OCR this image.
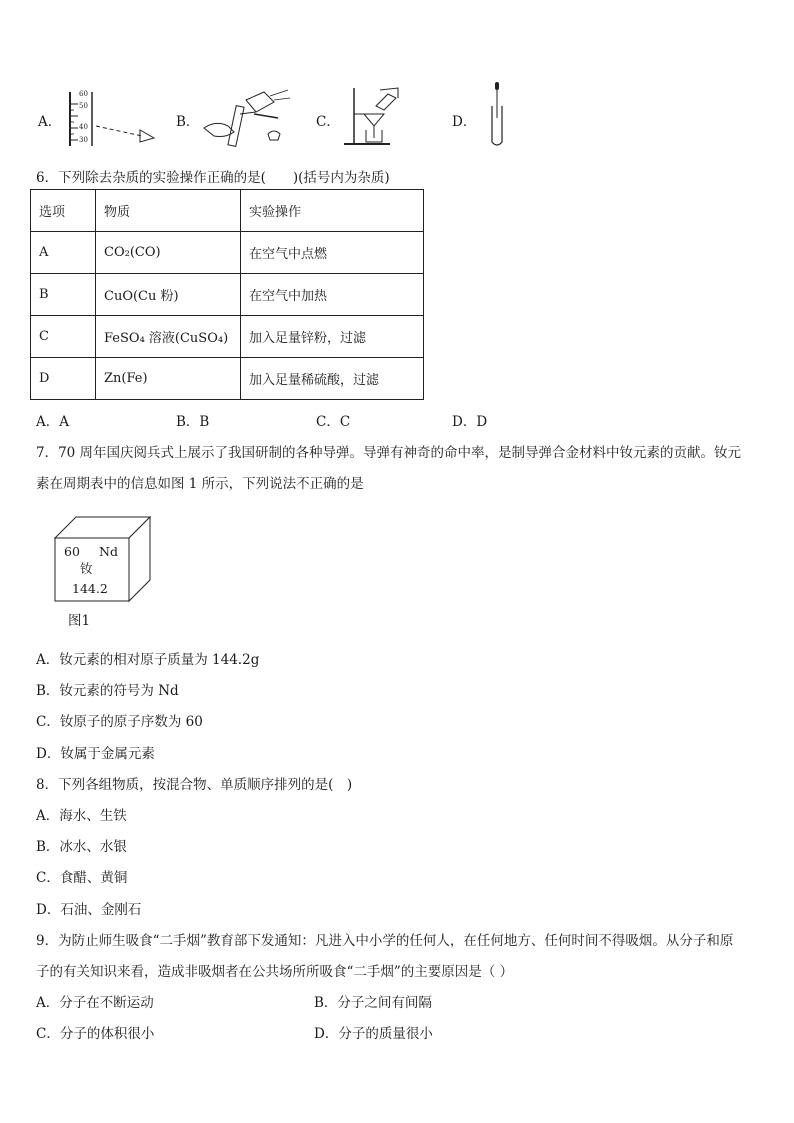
A．
60
50
40
30
B．	C．	D．
6．下列除去杂质的实验操作正确的是(　　)(括号内为杂质)
选项	物质	实验操作
A	CO₂(CO)	在空气中点燃
B	CuO(Cu 粉)	在空气中加热
C	FeSO₄ 溶液(CuSO₄)	加入足量锌粉，过滤
D	Zn(Fe)	加入足量稀硫酸，过滤
A．A	B．B	C．C	D．D
7．70 周年国庆阅兵式上展示了我国研制的各种导弹。导弹有神奇的命中率，是制导弹合金材料中钕元素的贡献。钕元
素在周期表中的信息如图 1 所示，下列说法不正确的是
60 Nd
钕
144.2
图1
A．钕元素的相对原子质量为 144.2g
B．钕元素的符号为 Nd
C．钕原子的原子序数为 60
D．钕属于金属元素
8．下列各组物质，按混合物、单质顺序排列的是(　)
A．海水、生铁
B．冰水、水银
C．食醋、黄铜
D．石油、金刚石
9．为防止师生吸食“二手烟”教育部下发通知：凡进入中小学的任何人，在任何地方、任何时间不得吸烟。从分子和原
子的有关知识来看，造成非吸烟者在公共场所所吸食“二手烟”的主要原因是（ ）
A．分子在不断运动	B．分子之间有间隔
C．分子的体积很小	D．分子的质量很小
